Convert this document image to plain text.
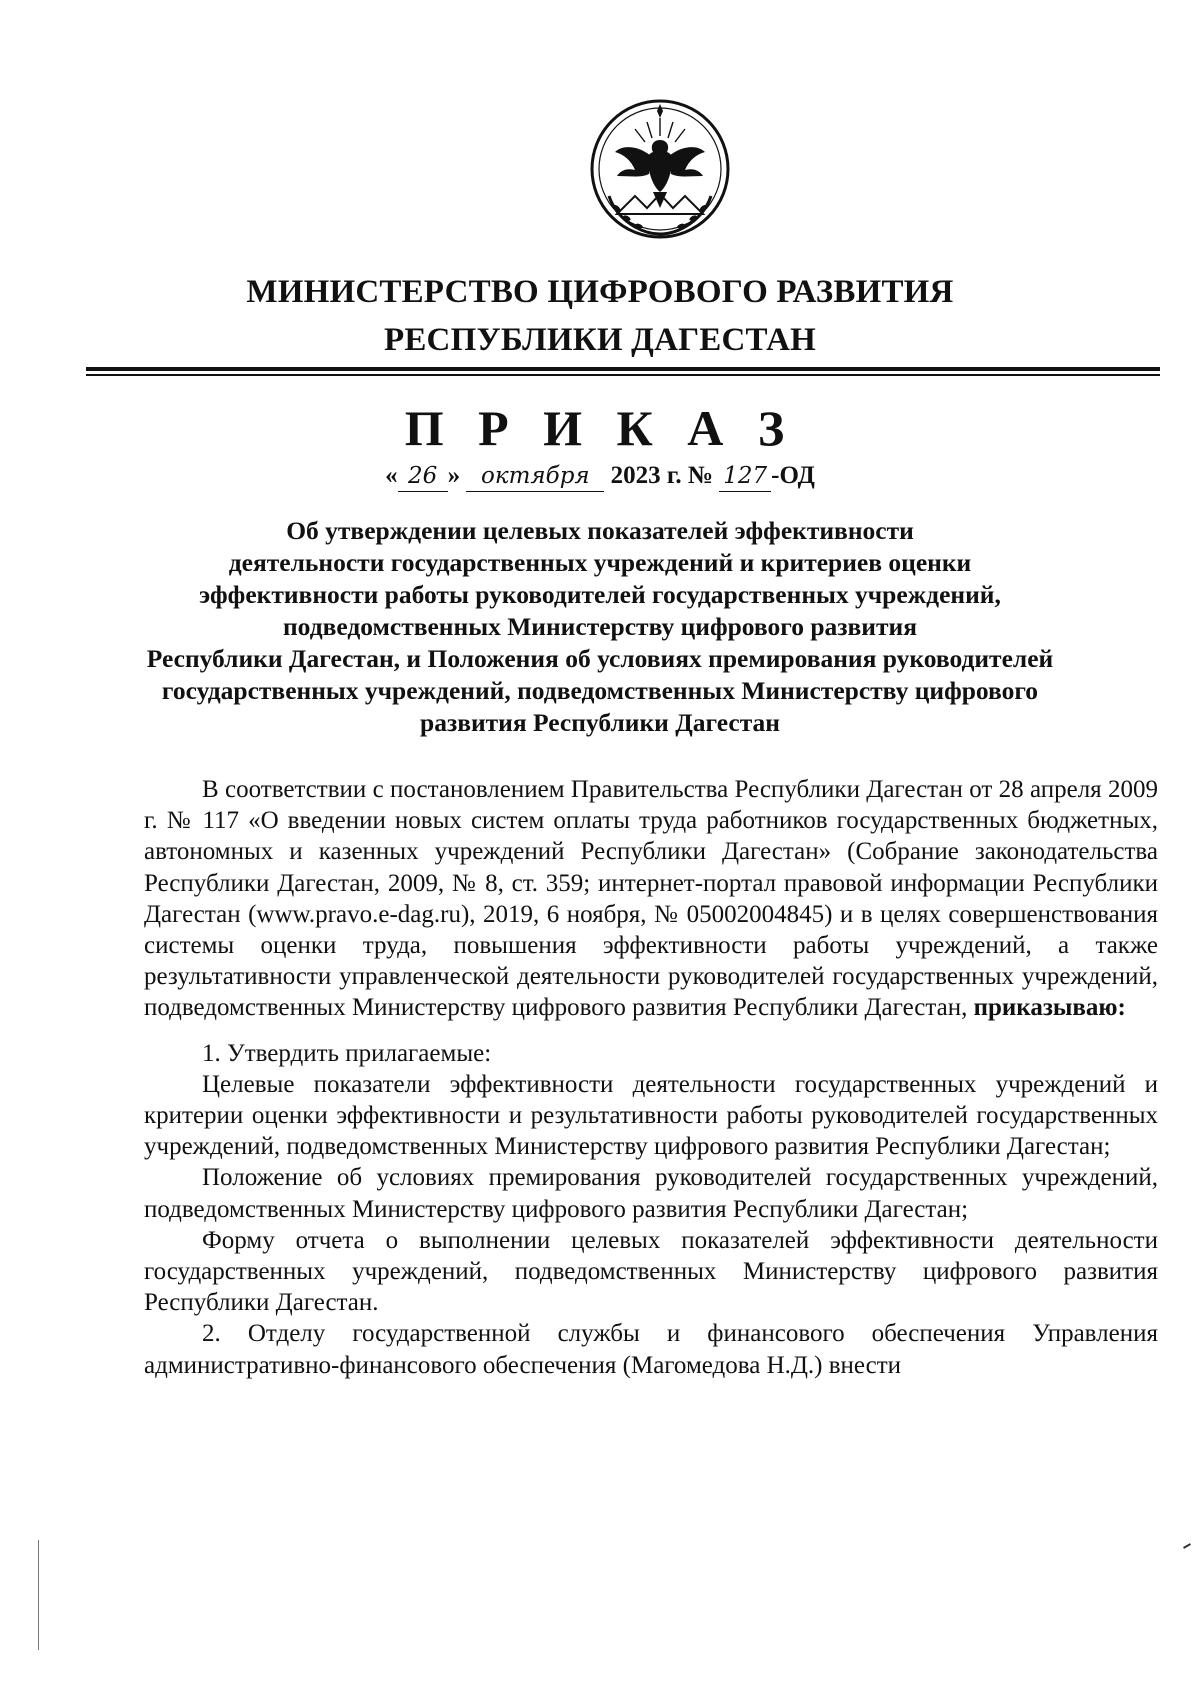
МИНИСТЕРСТВО ЦИФРОВОГО РАЗВИТИЯ
РЕСПУБЛИКИ ДАГЕСТАН
П Р И К А З
« 26 » октября 2023 г. № 127 -ОД
Об утверждении целевых показателей эффективности
деятельности государственных учреждений и критериев оценки
эффективности работы руководителей государственных учреждений,
подведомственных Министерству цифрового развития
Республики Дагестан, и Положения об условиях премирования руководителей
государственных учреждений, подведомственных Министерству цифрового
развития Республики Дагестан

В соответствии с постановлением Правительства Республики Дагестан от 28 апреля 2009 г. № 117 «О введении новых систем оплаты труда работников государственных бюджетных, автономных и казенных учреждений Республики Дагестан» (Собрание законодательства Республики Дагестан, 2009, № 8, ст. 359; интернет-портал правовой информации Республики Дагестан (www.pravo.e-dag.ru), 2019, 6 ноября, № 05002004845) и в целях совершенствования системы оценки труда, повышения эффективности работы учреждений, а также результативности управленческой деятельности руководителей государственных учреждений, подведомственных Министерству цифрового развития Республики Дагестан, приказываю:

1. Утвердить прилагаемые:

Целевые показатели эффективности деятельности государственных учреждений и критерии оценки эффективности и результативности работы руководителей государственных учреждений, подведомственных Министерству цифрового развития Республики Дагестан;

Положение об условиях премирования руководителей государственных учреждений, подведомственных Министерству цифрового развития Республики Дагестан;

Форму отчета о выполнении целевых показателей эффективности деятельности государственных учреждений, подведомственных Министерству цифрового развития Республики Дагестан.

2. Отделу государственной службы и финансового обеспечения Управления административно-финансового обеспечения (Магомедова Н.Д.) внести
